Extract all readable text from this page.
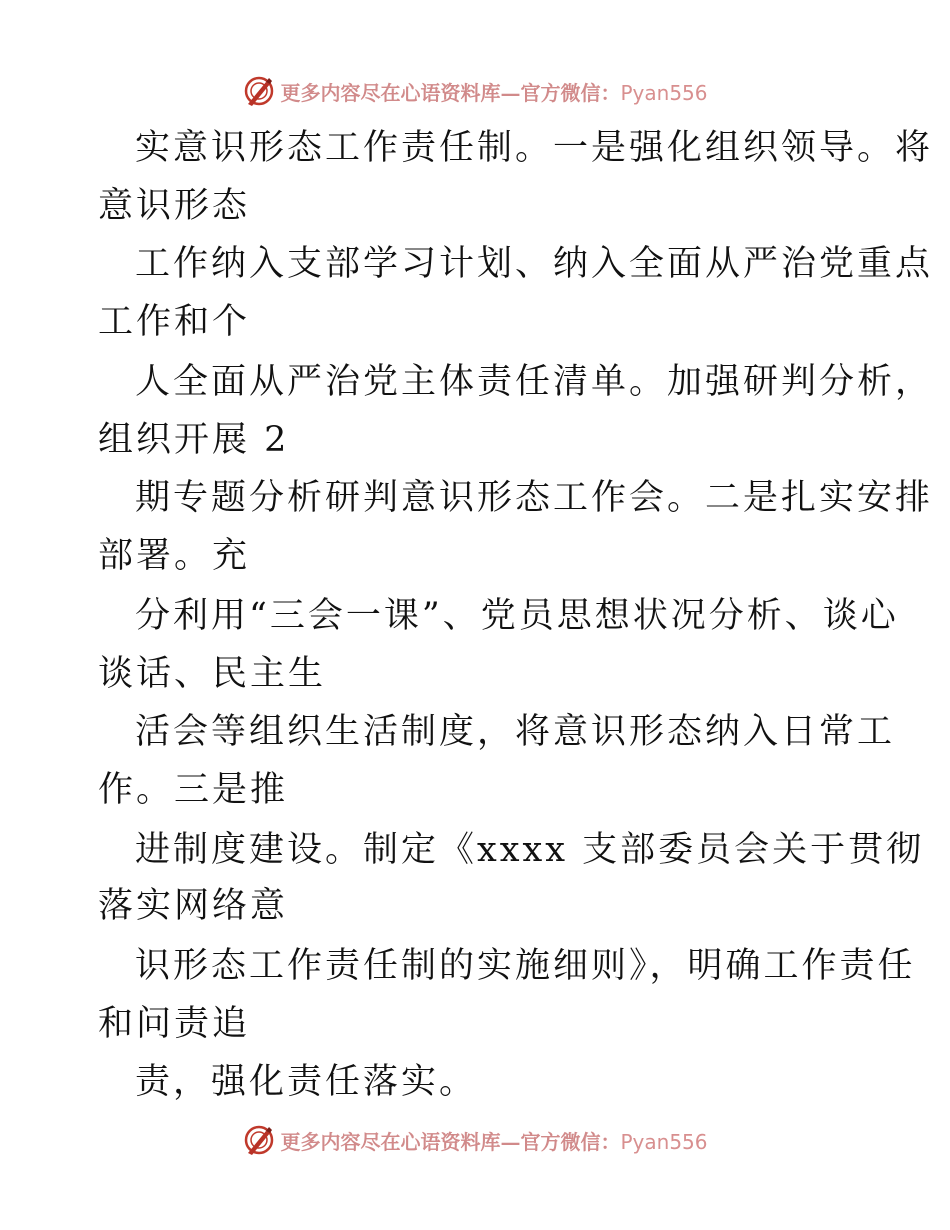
更多内容尽在心语资料库—官方微信：Pyan556
实意识形态工作责任制。一是强化组织领导。将
意识形态
工作纳入支部学习计划、纳入全面从严治党重点
工作和个
人全面从严治党主体责任清单。加强研判分析，
组织开展 2
期专题分析研判意识形态工作会。二是扎实安排
部署。充
分利用“三会一课”、党员思想状况分析、谈心
谈话、民主生
活会等组织生活制度，将意识形态纳入日常工
作。三是推
进制度建设。制定《xxxx 支部委员会关于贯彻
落实网络意
识形态工作责任制的实施细则》，明确工作责任
和问责追
责，强化责任落实。
更多内容尽在心语资料库—官方微信：Pyan556
